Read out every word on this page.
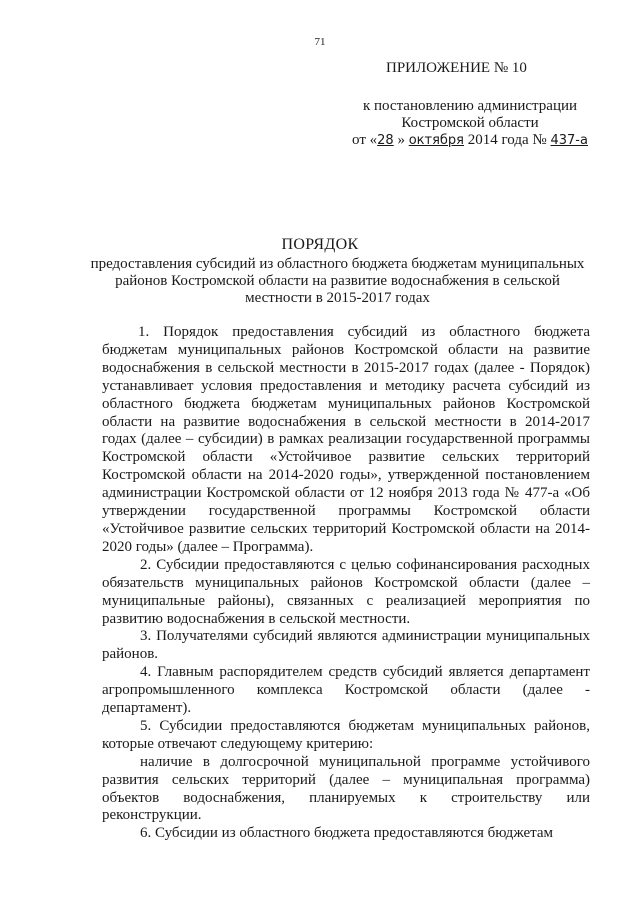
71
ПРИЛОЖЕНИЕ № 10
к постановлению администрации
Костромской области
от «28 » октября 2014 года № 437-а
ПОРЯДОК
предоставления субсидий из областного бюджета бюджетам муниципальных районов Костромской области на развитие водоснабжения в сельской местности в 2015-2017 годах

1. Порядок предоставления субсидий из областного бюджета бюджетам муниципальных районов Костромской области на развитие водоснабжения в сельской местности в 2015-2017 годах (далее - Порядок) устанавливает условия предоставления и методику расчета субсидий из областного бюджета бюджетам муниципальных районов Костромской области на развитие водоснабжения в сельской местности в 2014-2017 годах (далее – субсидии) в рамках реализации государственной программы Костромской области «Устойчивое развитие сельских территорий Костромской области на 2014-2020 годы», утвержденной постановлением администрации Костромской области от 12 ноября 2013 года № 477-а «Об утверждении государственной программы Костромской области «Устойчивое развитие сельских территорий Костромской области на 2014-2020 годы» (далее – Программа).

2. Субсидии предоставляются с целью софинансирования расходных обязательств муниципальных районов Костромской области (далее – муниципальные районы), связанных с реализацией мероприятия по развитию водоснабжения в сельской местности.

3. Получателями субсидий являются администрации муниципальных районов.

4. Главным распорядителем средств субсидий является департамент агропромышленного комплекса Костромской области (далее - департамент).

5. Субсидии предоставляются бюджетам муниципальных районов, которые отвечают следующему критерию:

наличие в долгосрочной муниципальной программе устойчивого развития сельских территорий (далее – муниципальная программа) объектов водоснабжения, планируемых к строительству или реконструкции.

6. Субсидии из областного бюджета предоставляются бюджетам
